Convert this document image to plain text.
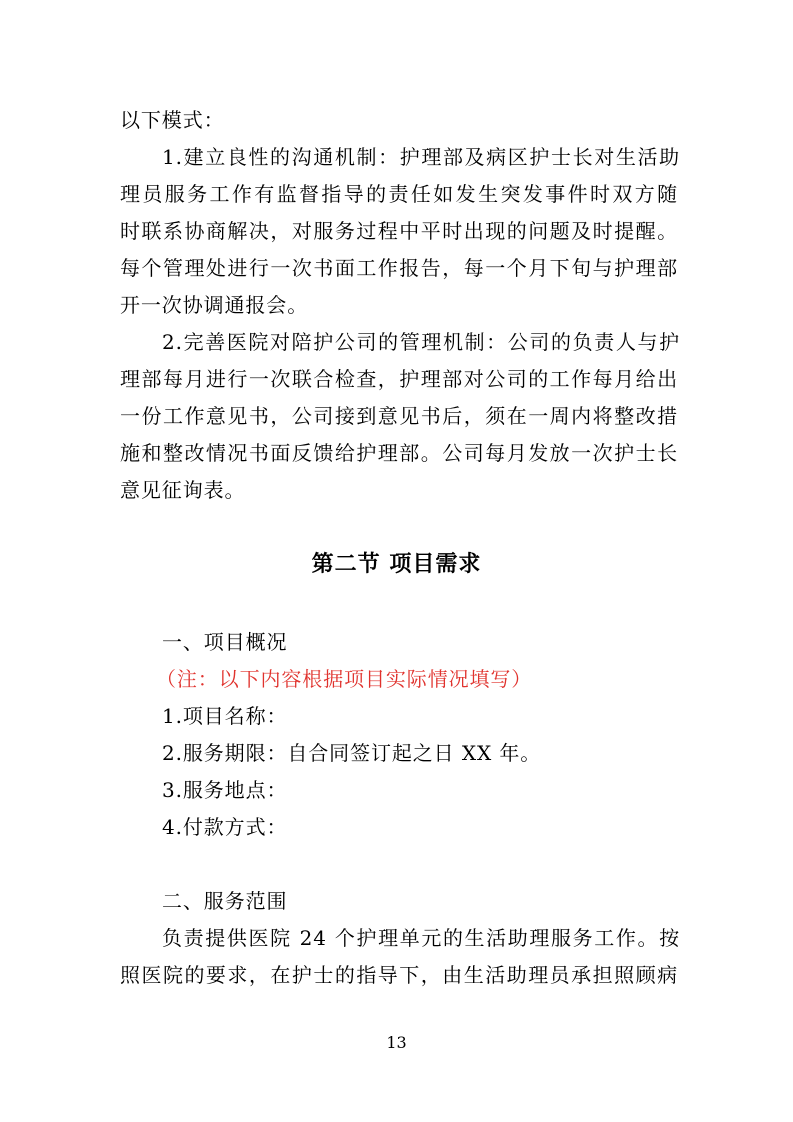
以下模式：
1.建立良性的沟通机制：护理部及病区护士长对生活助
理员服务工作有监督指导的责任如发生突发事件时双方随
时联系协商解决，对服务过程中平时出现的问题及时提醒。
每个管理处进行一次书面工作报告，每一个月下旬与护理部
开一次协调通报会。
2.完善医院对陪护公司的管理机制：公司的负责人与护
理部每月进行一次联合检查，护理部对公司的工作每月给出
一份工作意见书，公司接到意见书后，须在一周内将整改措
施和整改情况书面反馈给护理部。公司每月发放一次护士长
意见征询表。
第二节 项目需求
一、项目概况
（注：以下内容根据项目实际情况填写）
1.项目名称：
2.服务期限：自合同签订起之日 XX 年。
3.服务地点：
4.付款方式：
二、服务范围
负责提供医院 24 个护理单元的生活助理服务工作。按
照医院的要求，在护士的指导下，由生活助理员承担照顾病
13
